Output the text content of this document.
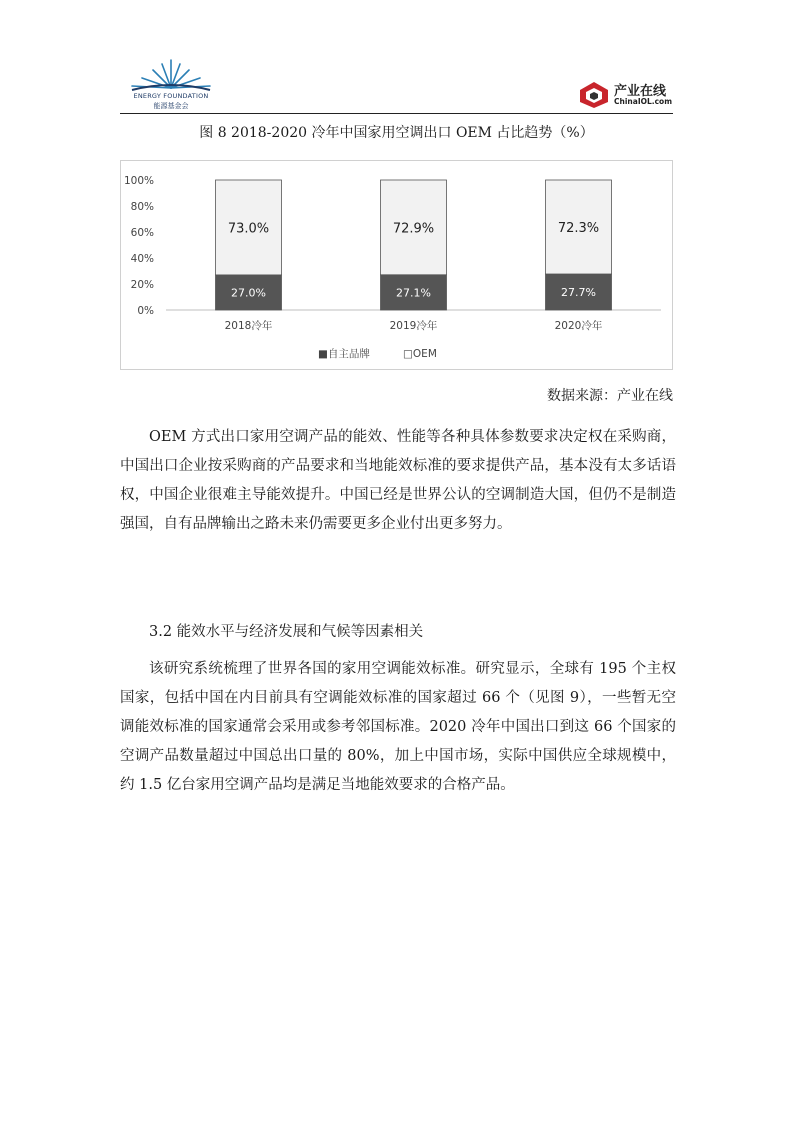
ENERGY FOUNDATION
能源基金会
产业在线
ChinaIOL.com
图 8 2018-2020 冷年中国家用空调出口 OEM 占比趋势（%）
100%
80%
60%
40%
20%
0%
27.0%
73.0%
2018冷年
27.1%
72.9%
2019冷年
27.7%
72.3%
2020冷年
■自主品牌	□OEM
数据来源：产业在线

OEM 方式出口家用空调产品的能效、性能等各种具体参数要求决定权在采购商，中国出口企业按采购商的产品要求和当地能效标准的要求提供产品，基本没有太多话语权，中国企业很难主导能效提升。中国已经是世界公认的空调制造大国，但仍不是制造强国，自有品牌输出之路未来仍需要更多企业付出更多努力。

3.2 能效水平与经济发展和气候等因素相关

该研究系统梳理了世界各国的家用空调能效标准。研究显示，全球有 195 个主权国家，包括中国在内目前具有空调能效标准的国家超过 66 个（见图 9），一些暂无空调能效标准的国家通常会采用或参考邻国标准。2020 冷年中国出口到这 66 个国家的空调产品数量超过中国总出口量的 80%，加上中国市场，实际中国供应全球规模中，约 1.5 亿台家用空调产品均是满足当地能效要求的合格产品。
